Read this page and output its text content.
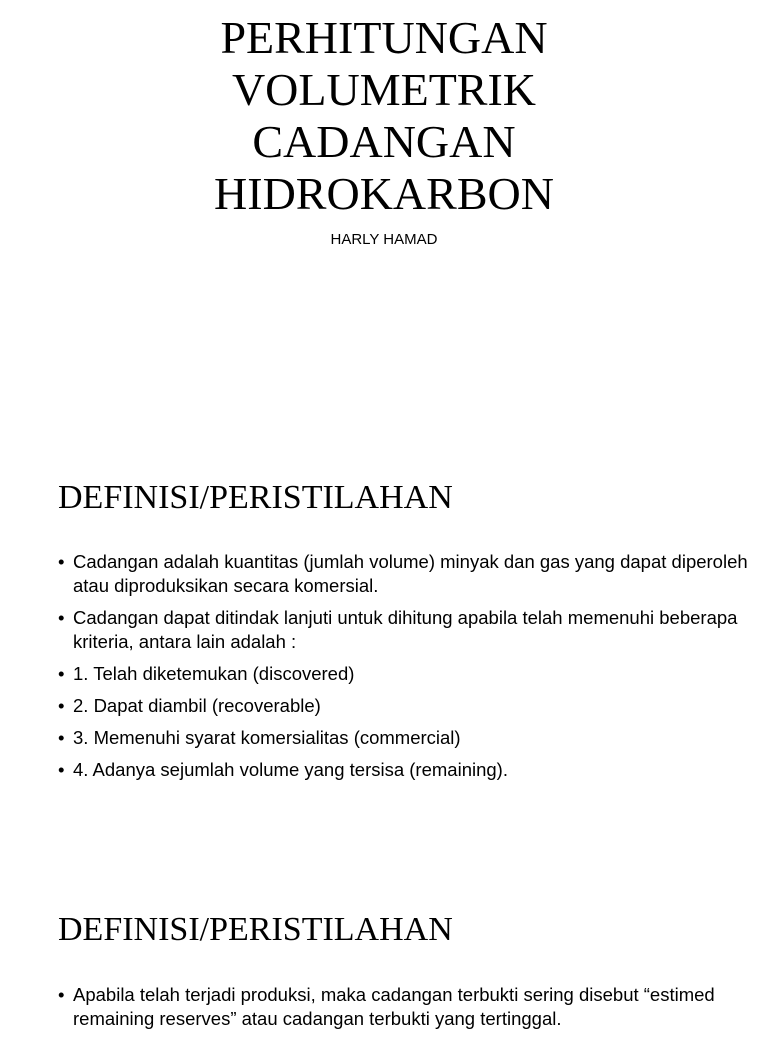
PERHITUNGAN
VOLUMETRIK
CADANGAN
HIDROKARBON

HARLY HAMAD

DEFINISI/PERISTILAHAN
• Cadangan adalah kuantitas (jumlah volume) minyak dan gas yang dapat diperoleh atau diproduksikan secara komersial.
• Cadangan dapat ditindak lanjuti untuk dihitung apabila telah memenuhi beberapa kriteria, antara lain adalah :
• 1. Telah diketemukan (discovered)
• 2. Dapat diambil (recoverable)
• 3. Memenuhi syarat komersialitas (commercial)
• 4. Adanya sejumlah volume yang tersisa (remaining).
DEFINISI/PERISTILAHAN
• Apabila telah terjadi produksi, maka cadangan terbukti sering disebut “estimed remaining reserves” atau cadangan terbukti yang tertinggal.
